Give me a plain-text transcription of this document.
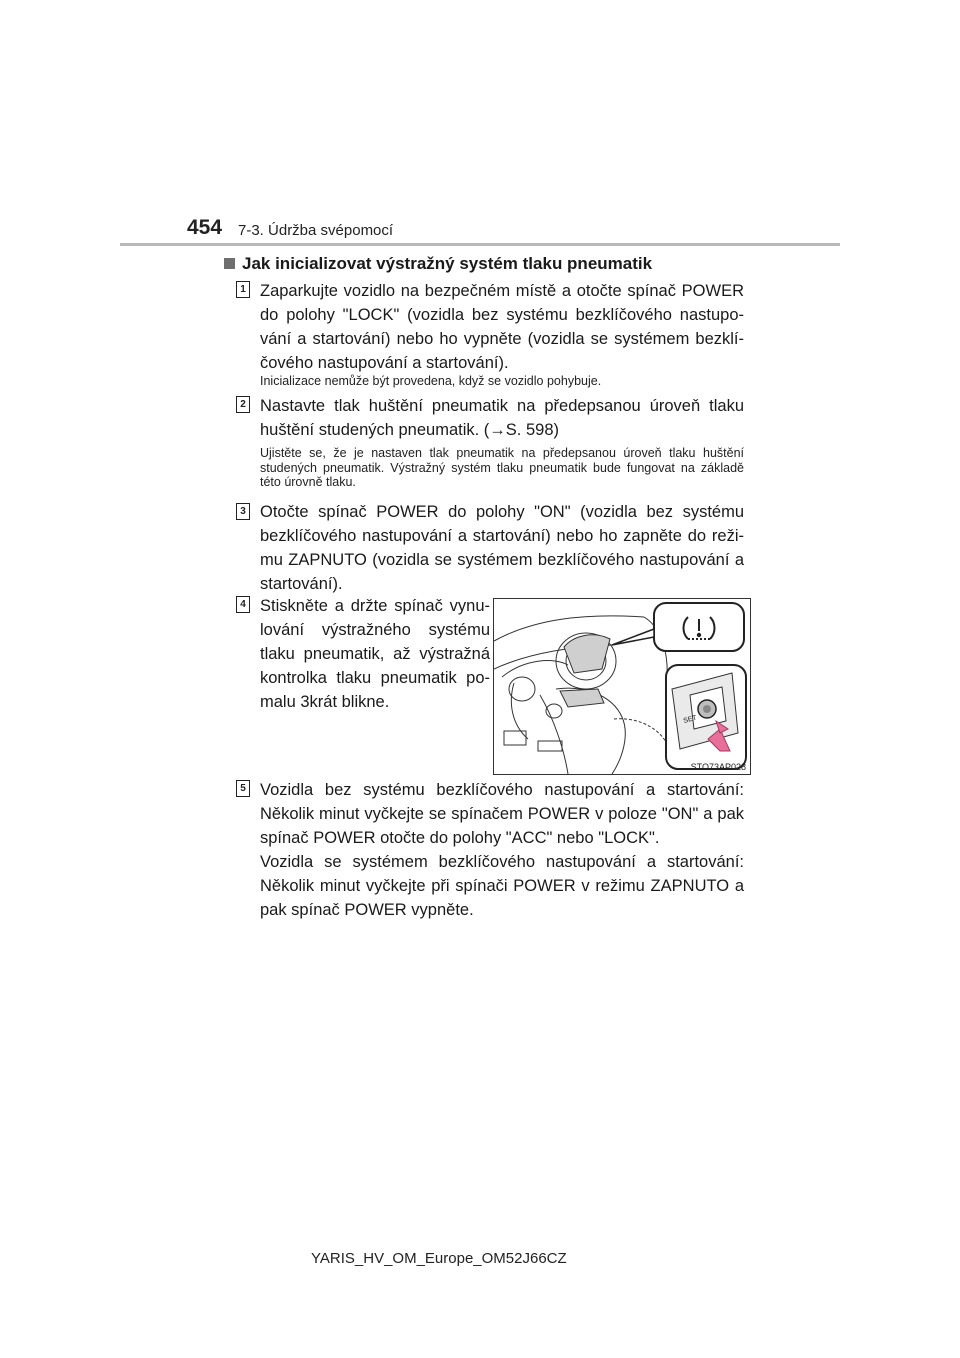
454 7-3. Údržba svépomocí
Jak inicializovat výstražný systém tlaku pneumatik
1 Zaparkujte vozidlo na bezpečném místě a otočte spínač POWER do polohy "LOCK" (vozidla bez systému bezklíčového nastupo-vání a startování) nebo ho vypněte (vozidla se systémem bezklí-čového nastupování a startování).
Inicializace nemůže být provedena, když se vozidlo pohybuje.
2 Nastavte tlak huštění pneumatik na předepsanou úroveň tlaku huštění studených pneumatik. (→S. 598)
Ujistěte se, že je nastaven tlak pneumatik na předepsanou úroveň tlaku huštění studených pneumatik. Výstražný systém tlaku pneumatik bude fungovat na základě této úrovně tlaku.
3 Otočte spínač POWER do polohy "ON" (vozidla bez systému bezklíčového nastupování a startování) nebo ho zapněte do reži-mu ZAPNUTO (vozidla se systémem bezklíčového nastupování a startování).
4 Stiskněte a držte spínač vynu-lování výstražného systému tlaku pneumatik, až výstražná kontrolka tlaku pneumatik po-malu 3krát blikne.
SET
STO73AP028
5 Vozidla bez systému bezklíčového nastupování a startování: Několik minut vyčkejte se spínačem POWER v poloze "ON" a pak spínač POWER otočte do polohy "ACC" nebo "LOCK".
Vozidla se systémem bezklíčového nastupování a startování: Několik minut vyčkejte při spínači POWER v režimu ZAPNUTO a pak spínač POWER vypněte.
YARIS_HV_OM_Europe_OM52J66CZ
